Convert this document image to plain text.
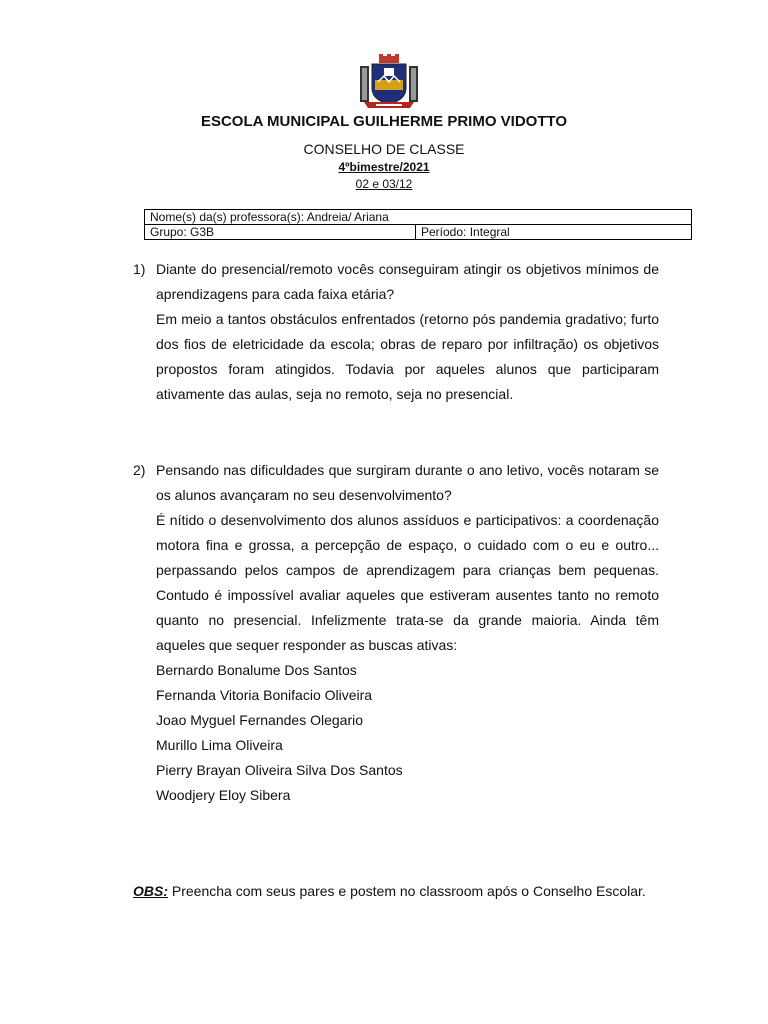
ESCOLA MUNICIPAL GUILHERME PRIMO VIDOTTO
CONSELHO DE CLASSE
4ºbimestre/2021
02 e 03/12
Nome(s) da(s) professora(s): Andreia/ Ariana
Grupo: G3B	Período: Integral
1) Diante do presencial/remoto vocês conseguiram atingir os objetivos mínimos de aprendizagens para cada faixa etária?

Em meio a tantos obstáculos enfrentados (retorno pós pandemia gradativo; furto dos fios de eletricidade da escola; obras de reparo por infiltração) os objetivos propostos foram atingidos. Todavia por aqueles alunos que participaram ativamente das aulas, seja no remoto, seja no presencial.

2) Pensando nas dificuldades que surgiram durante o ano letivo, vocês notaram se os alunos avançaram no seu desenvolvimento?

É nítido o desenvolvimento dos alunos assíduos e participativos: a coordenação motora fina e grossa, a percepção de espaço, o cuidado com o eu e outro... perpassando pelos campos de aprendizagem para crianças bem pequenas. Contudo é impossível avaliar aqueles que estiveram ausentes tanto no remoto quanto no presencial. Infelizmente trata-se da grande maioria. Ainda têm aqueles que sequer responder as buscas ativas:

Bernardo Bonalume Dos Santos
Fernanda Vitoria Bonifacio Oliveira
Joao Myguel Fernandes Olegario
Murillo Lima Oliveira
Pierry Brayan Oliveira Silva Dos Santos
Woodjery Eloy Sibera
OBS: Preencha com seus pares e postem no classroom após o Conselho Escolar.
